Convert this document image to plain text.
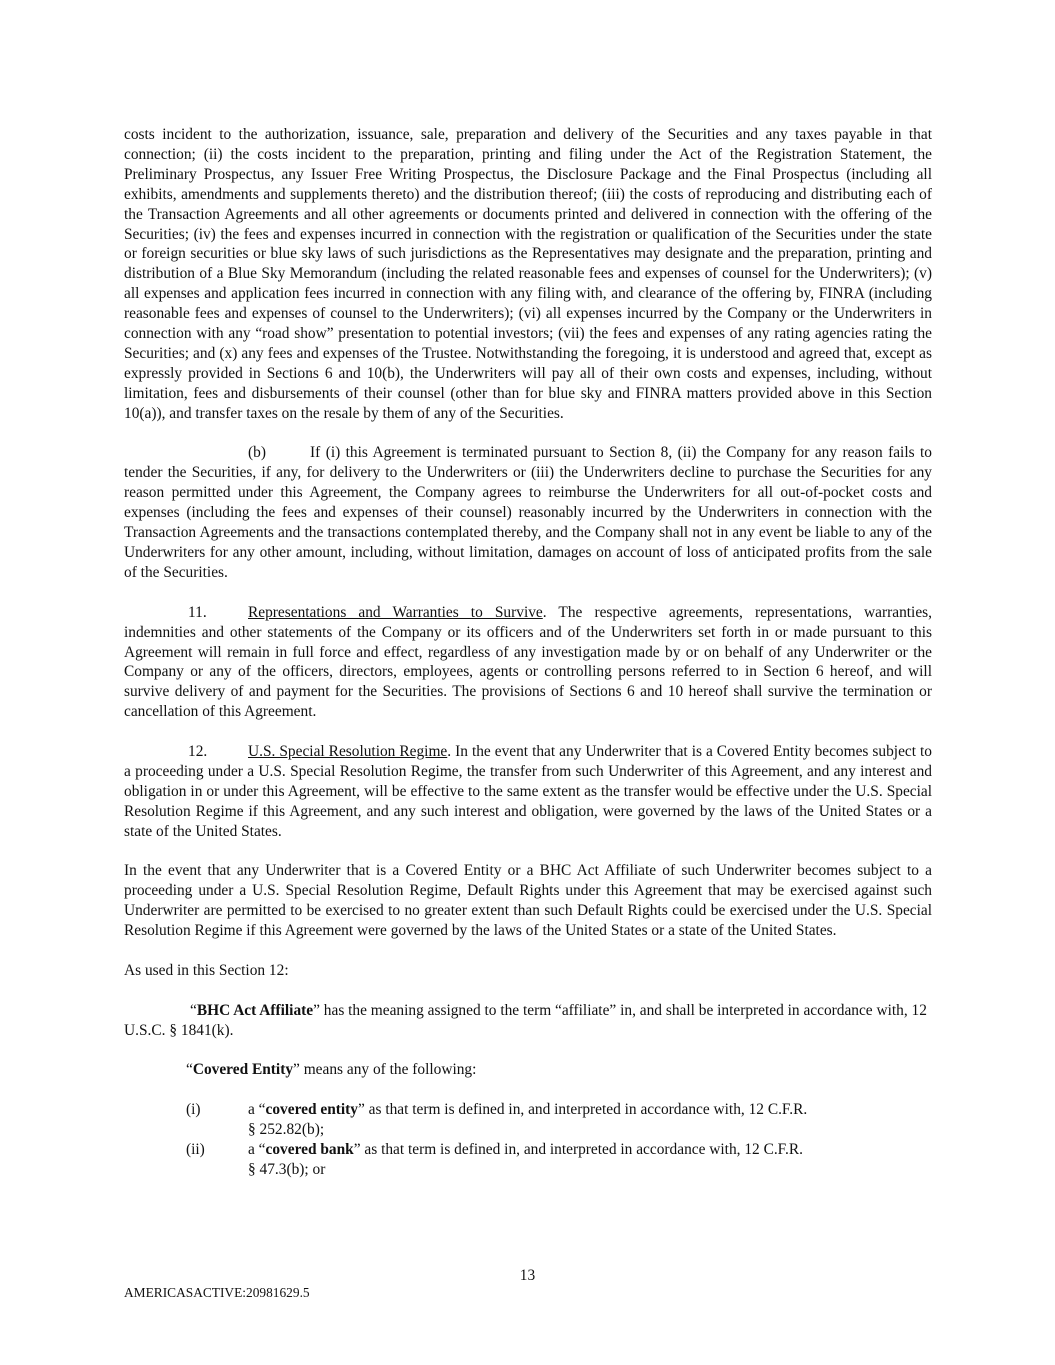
costs incident to the authorization, issuance, sale, preparation and delivery of the Securities and any taxes payable in that connection; (ii) the costs incident to the preparation, printing and filing under the Act of the Registration Statement, the Preliminary Prospectus, any Issuer Free Writing Prospectus, the Disclosure Package and the Final Prospectus (including all exhibits, amendments and supplements thereto) and the distribution thereof; (iii) the costs of reproducing and distributing each of the Transaction Agreements and all other agreements or documents printed and delivered in connection with the offering of the Securities; (iv) the fees and expenses incurred in connection with the registration or qualification of the Securities under the state or foreign securities or blue sky laws of such jurisdictions as the Representatives may designate and the preparation, printing and distribution of a Blue Sky Memorandum (including the related reasonable fees and expenses of counsel for the Underwriters); (v) all expenses and application fees incurred in connection with any filing with, and clearance of the offering by, FINRA (including reasonable fees and expenses of counsel to the Underwriters); (vi) all expenses incurred by the Company or the Underwriters in connection with any “road show” presentation to potential investors; (vii) the fees and expenses of any rating agencies rating the Securities; and (x) any fees and expenses of the Trustee. Notwithstanding the foregoing, it is understood and agreed that, except as expressly provided in Sections 6 and 10(b), the Underwriters will pay all of their own costs and expenses, including, without limitation, fees and disbursements of their counsel (other than for blue sky and FINRA matters provided above in this Section 10(a)), and transfer taxes on the resale by them of any of the Securities.

(b)	If (i) this Agreement is terminated pursuant to Section 8, (ii) the Company for any reason fails to tender the Securities, if any, for delivery to the Underwriters or (iii) the Underwriters decline to purchase the Securities for any reason permitted under this Agreement, the Company agrees to reimburse the Underwriters for all out-of-pocket costs and expenses (including the fees and expenses of their counsel) reasonably incurred by the Underwriters in connection with the Transaction Agreements and the transactions contemplated thereby, and the Company shall not in any event be liable to any of the Underwriters for any other amount, including, without limitation, damages on account of loss of anticipated profits from the sale of the Securities.

11.	Representations and Warranties to Survive. The respective agreements, representations, warranties, indemnities and other statements of the Company or its officers and of the Underwriters set forth in or made pursuant to this Agreement will remain in full force and effect, regardless of any investigation made by or on behalf of any Underwriter or the Company or any of the officers, directors, employees, agents or controlling persons referred to in Section 6 hereof, and will survive delivery of and payment for the Securities. The provisions of Sections 6 and 10 hereof shall survive the termination or cancellation of this Agreement.

12.	U.S. Special Resolution Regime. In the event that any Underwriter that is a Covered Entity becomes subject to a proceeding under a U.S. Special Resolution Regime, the transfer from such Underwriter of this Agreement, and any interest and obligation in or under this Agreement, will be effective to the same extent as the transfer would be effective under the U.S. Special Resolution Regime if this Agreement, and any such interest and obligation, were governed by the laws of the United States or a state of the United States.

In the event that any Underwriter that is a Covered Entity or a BHC Act Affiliate of such Underwriter becomes subject to a proceeding under a U.S. Special Resolution Regime, Default Rights under this Agreement that may be exercised against such Underwriter are permitted to be exercised to no greater extent than such Default Rights could be exercised under the U.S. Special Resolution Regime if this Agreement were governed by the laws of the United States or a state of the United States.

As used in this Section 12:

“BHC Act Affiliate” has the meaning assigned to the term “affiliate” in, and shall be interpreted in accordance with, 12 U.S.C. § 1841(k).

“Covered Entity” means any of the following:

(i)	a “covered entity” as that term is defined in, and interpreted in accordance with, 12 C.F.R.
§ 252.82(b);
(ii)	a “covered bank” as that term is defined in, and interpreted in accordance with, 12 C.F.R.
§ 47.3(b); or
13
AMERICASACTIVE:20981629.5
